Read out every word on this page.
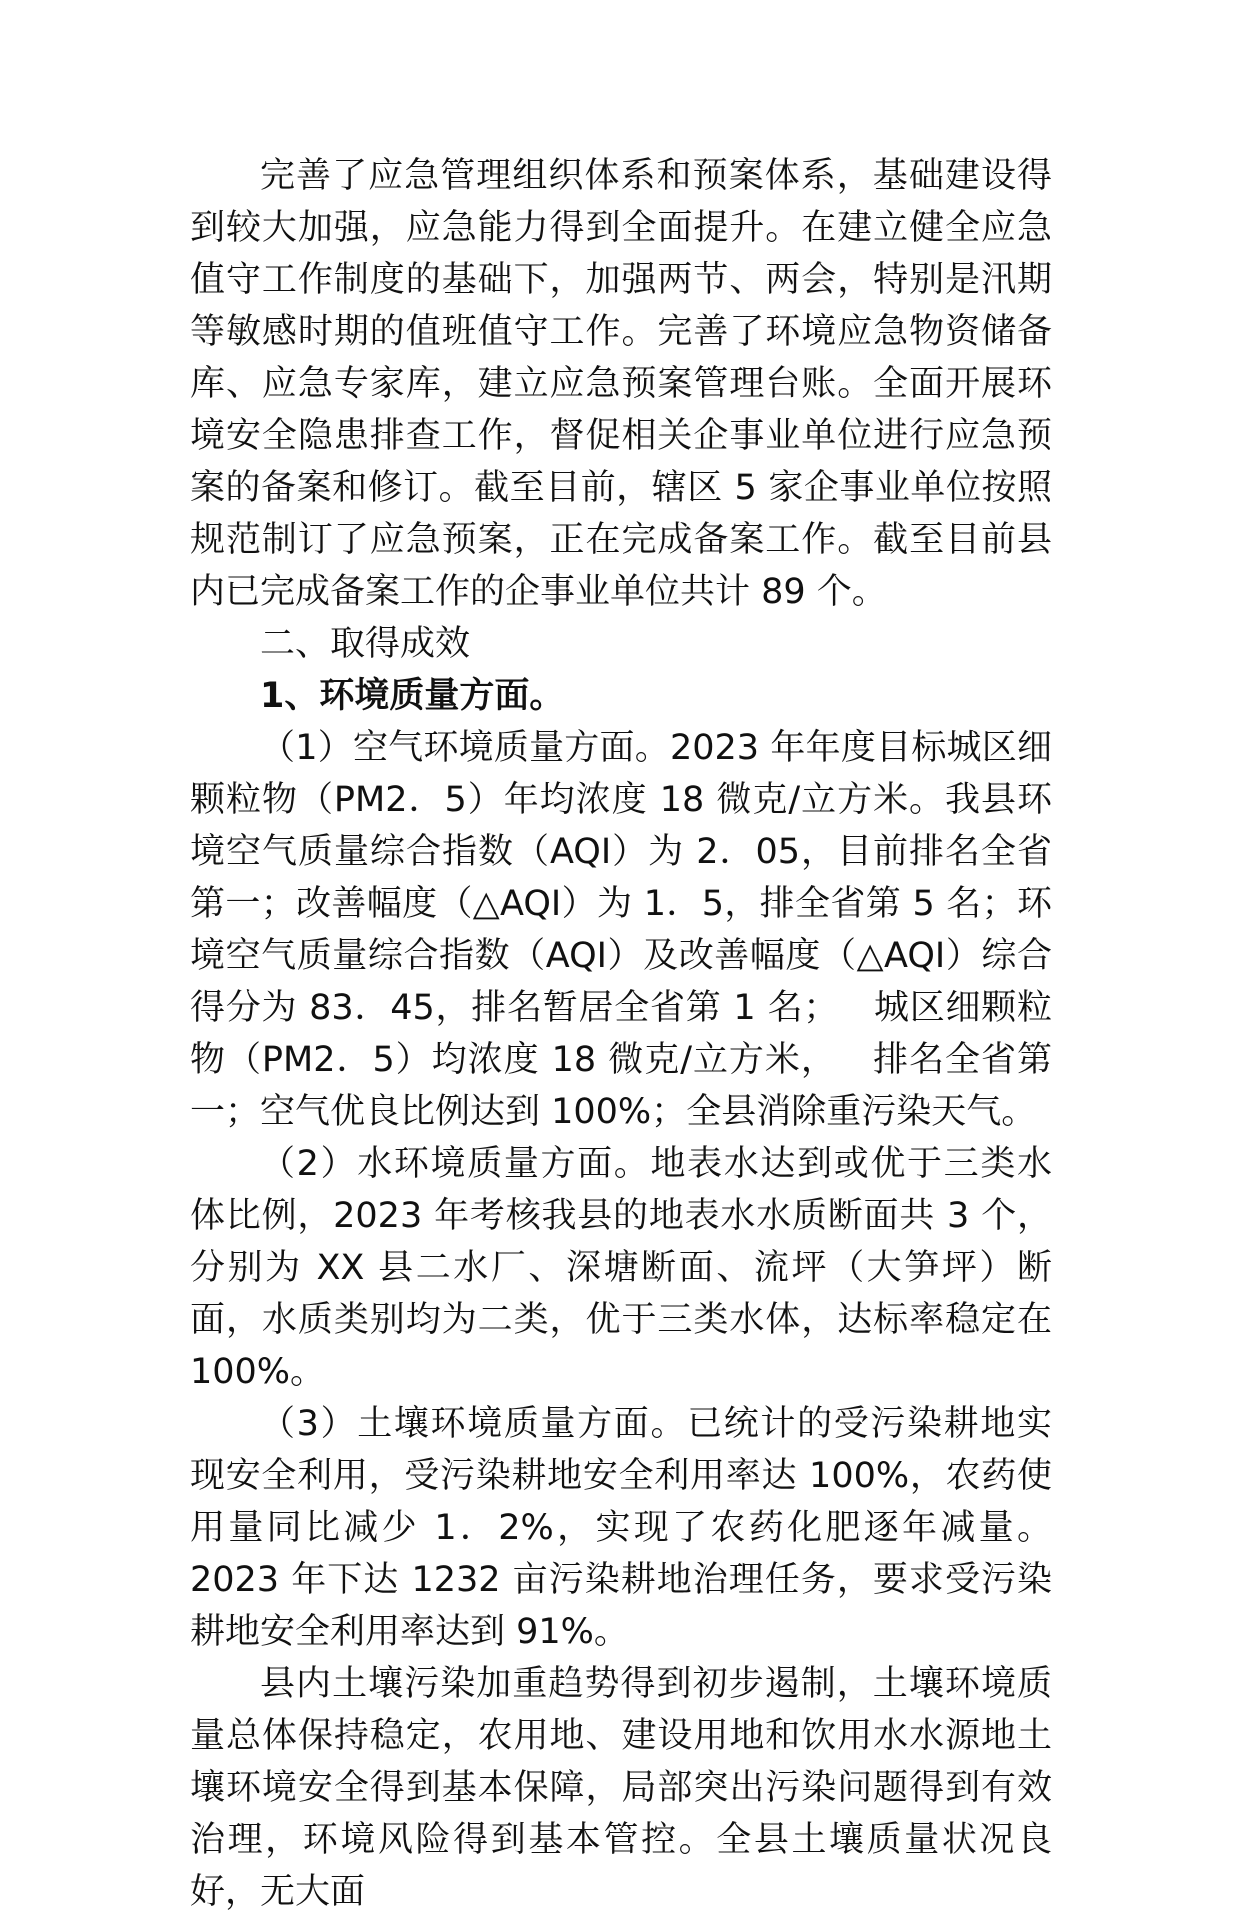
完善了应急管理组织体系和预案体系，基础建设得到较大加强，应急能力得到全面提升。在建立健全应急值守工作制度的基础下，加强两节、两会，特别是汛期等敏感时期的值班值守工作。完善了环境应急物资储备库、应急专家库，建立应急预案管理台账。全面开展环境安全隐患排查工作，督促相关企事业单位进行应急预案的备案和修订。截至目前，辖区 5 家企事业单位按照规范制订了应急预案，正在完成备案工作。截至目前县内已完成备案工作的企事业单位共计 89 个。

二、取得成效

1、环境质量方面。

（1）空气环境质量方面。2023 年年度目标城区细颗粒物（PM2．5）年均浓度 18 微克/立方米。我县环境空气质量综合指数（AQI）为 2．05，目前排名全省第一；改善幅度（△AQI）为 1．5，排全省第 5 名；环境空气质量综合指数（AQI）及改善幅度（△AQI）综合得分为 83．45，排名暂居全省第 1 名；   城区细颗粒物（PM2．5）均浓度 18 微克/立方米，   排名全省第一；空气优良比例达到 100%；全县消除重污染天气。

（2）水环境质量方面。地表水达到或优于三类水体比例，2023 年考核我县的地表水水质断面共 3 个，分别为 XX 县二水厂、深塘断面、流坪（大笋坪）断面，水质类别均为二类，优于三类水体，达标率稳定在 100%。

（3）土壤环境质量方面。已统计的受污染耕地实现安全利用，受污染耕地安全利用率达 100%，农药使用量同比减少 1．2%，实现了农药化肥逐年减量。2023 年下达 1232 亩污染耕地治理任务，要求受污染耕地安全利用率达到 91%。

县内土壤污染加重趋势得到初步遏制，土壤环境质量总体保持稳定，农用地、建设用地和饮用水水源地土壤环境安全得到基本保障，局部突出污染问题得到有效治理，环境风险得到基本管控。全县土壤质量状况良好，无大面
